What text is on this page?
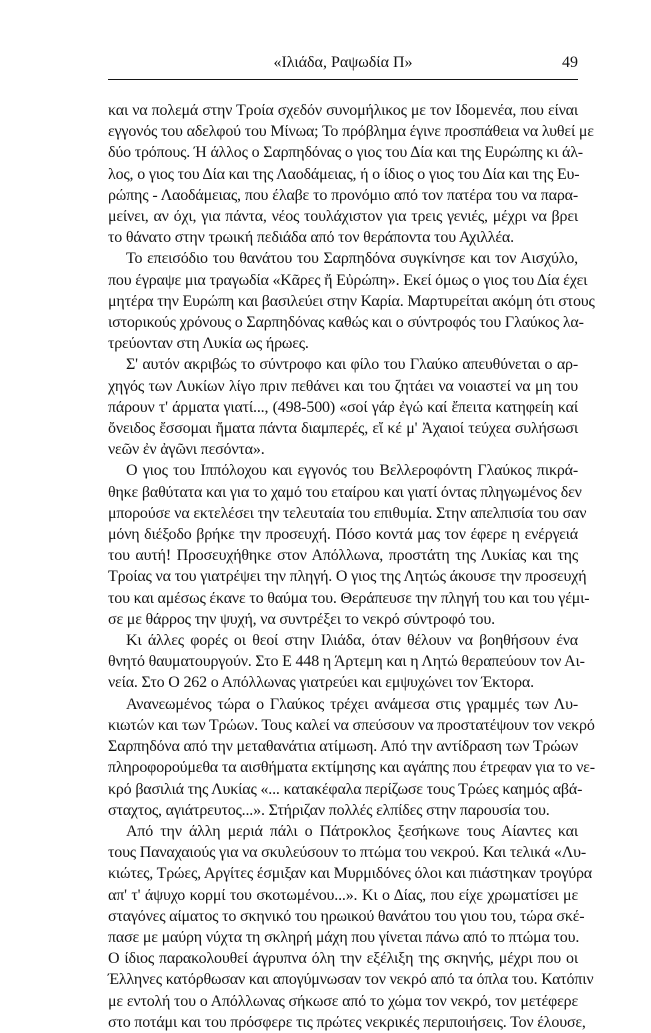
«Ιλιάδα, Ραψωδία Π»	49
και να πολεμά στην Τροία σχεδόν συνομήλικος με τον Ιδομενέα, που είναι
εγγονός του αδελφού του Μίνωα; Το πρόβλημα έγινε προσπάθεια να λυθεί με
δύο τρόπους. Ή άλλος ο Σαρπηδόνας ο γιος του Δία και της Ευρώπης κι άλ-
λος, ο γιος του Δία και της Λαοδάμειας, ή ο ίδιος ο γιος του Δία και της Ευ-
ρώπης - Λαοδάμειας, που έλαβε το προνόμιο από τον πατέρα του να παρα-
μείνει, αν όχι, για πάντα, νέος τουλάχιστον για τρεις γενιές, μέχρι να βρει
το θάνατο στην τρωική πεδιάδα από τον θεράποντα του Αχιλλέα.
Το επεισόδιο του θανάτου του Σαρπηδόνα συγκίνησε και τον Αισχύλο,
που έγραψε μια τραγωδία «Κᾶρες ἤ Εὐρώπη». Εκεί όμως ο γιος του Δία έχει
μητέρα την Ευρώπη και βασιλεύει στην Καρία. Μαρτυρείται ακόμη ότι στους
ιστορικούς χρόνους ο Σαρπηδόνας καθώς και ο σύντροφός του Γλαύκος λα-
τρεύονταν στη Λυκία ως ήρωες.
Σ' αυτόν ακριβώς το σύντροφο και φίλο του Γλαύκο απευθύνεται ο αρ-
χηγός των Λυκίων λίγο πριν πεθάνει και του ζητάει να νοιαστεί να μη του
πάρουν τ' άρματα γιατί..., (498-500) «σοί γάρ ἐγώ καί ἔπειτα κατηφείη καί
ὄνειδος ἔσσομαι ἤματα πάντα διαμπερές, εἴ κέ μ' Ἀχαιοί τεύχεα συλήσωσι
νεῶν ἐν ἀγῶνι πεσόντα».
Ο γιος του Ιππόλοχου και εγγονός του Βελλεροφόντη Γλαύκος πικρά-
θηκε βαθύτατα και για το χαμό του εταίρου και γιατί όντας πληγωμένος δεν
μπορούσε να εκτελέσει την τελευταία του επιθυμία. Στην απελπισία του σαν
μόνη διέξοδο βρήκε την προσευχή. Πόσο κοντά μας τον έφερε η ενέργειά
του αυτή! Προσευχήθηκε στον Απόλλωνα, προστάτη της Λυκίας και της
Τροίας να του γιατρέψει την πληγή. Ο γιος της Λητώς άκουσε την προσευχή
του και αμέσως έκανε το θαύμα του. Θεράπευσε την πληγή του και του γέμι-
σε με θάρρος την ψυχή, να συντρέξει το νεκρό σύντροφό του.
Κι άλλες φορές οι θεοί στην Ιλιάδα, όταν θέλουν να βοηθήσουν ένα
θνητό θαυματουργούν. Στο Ε 448 η Άρτεμη και η Λητώ θεραπεύουν τον Αι-
νεία. Στο Ο 262 ο Απόλλωνας γιατρεύει και εμψυχώνει τον Έκτορα.
Ανανεωμένος τώρα ο Γλαύκος τρέχει ανάμεσα στις γραμμές των Λυ-
κιωτών και των Τρώων. Τους καλεί να σπεύσουν να προστατέψουν τον νεκρό
Σαρπηδόνα από την μεταθανάτια ατίμωση. Από την αντίδραση των Τρώων
πληροφορούμεθα τα αισθήματα εκτίμησης και αγάπης που έτρεφαν για το νε-
κρό βασιλιά της Λυκίας «... κατακέφαλα περίζωσε τους Τρώες καημός αβά-
σταχτος, αγιάτρευτος...». Στήριζαν πολλές ελπίδες στην παρουσία του.
Από την άλλη μεριά πάλι ο Πάτροκλος ξεσήκωνε τους Αίαντες και
τους Παναχαιούς για να σκυλεύσουν το πτώμα του νεκρού. Και τελικά «Λυ-
κιώτες, Τρώες, Αργίτες έσμιξαν και Μυρμιδόνες όλοι και πιάστηκαν τρογύρα
απ' τ' άψυχο κορμί του σκοτωμένου...». Κι ο Δίας, που είχε χρωματίσει με
σταγόνες αίματος το σκηνικό του ηρωικού θανάτου του γιου του, τώρα σκέ-
πασε με μαύρη νύχτα τη σκληρή μάχη που γίνεται πάνω από το πτώμα του.
Ο ίδιος παρακολουθεί άγρυπνα όλη την εξέλιξη της σκηνής, μέχρι που οι
Έλληνες κατόρθωσαν και απογύμνωσαν τον νεκρό από τα όπλα του. Κατόπιν
με εντολή του ο Απόλλωνας σήκωσε από το χώμα τον νεκρό, τον μετέφερε
στο ποτάμι και του πρόσφερε τις πρώτες νεκρικές περιποιήσεις. Τον έλουσε,
